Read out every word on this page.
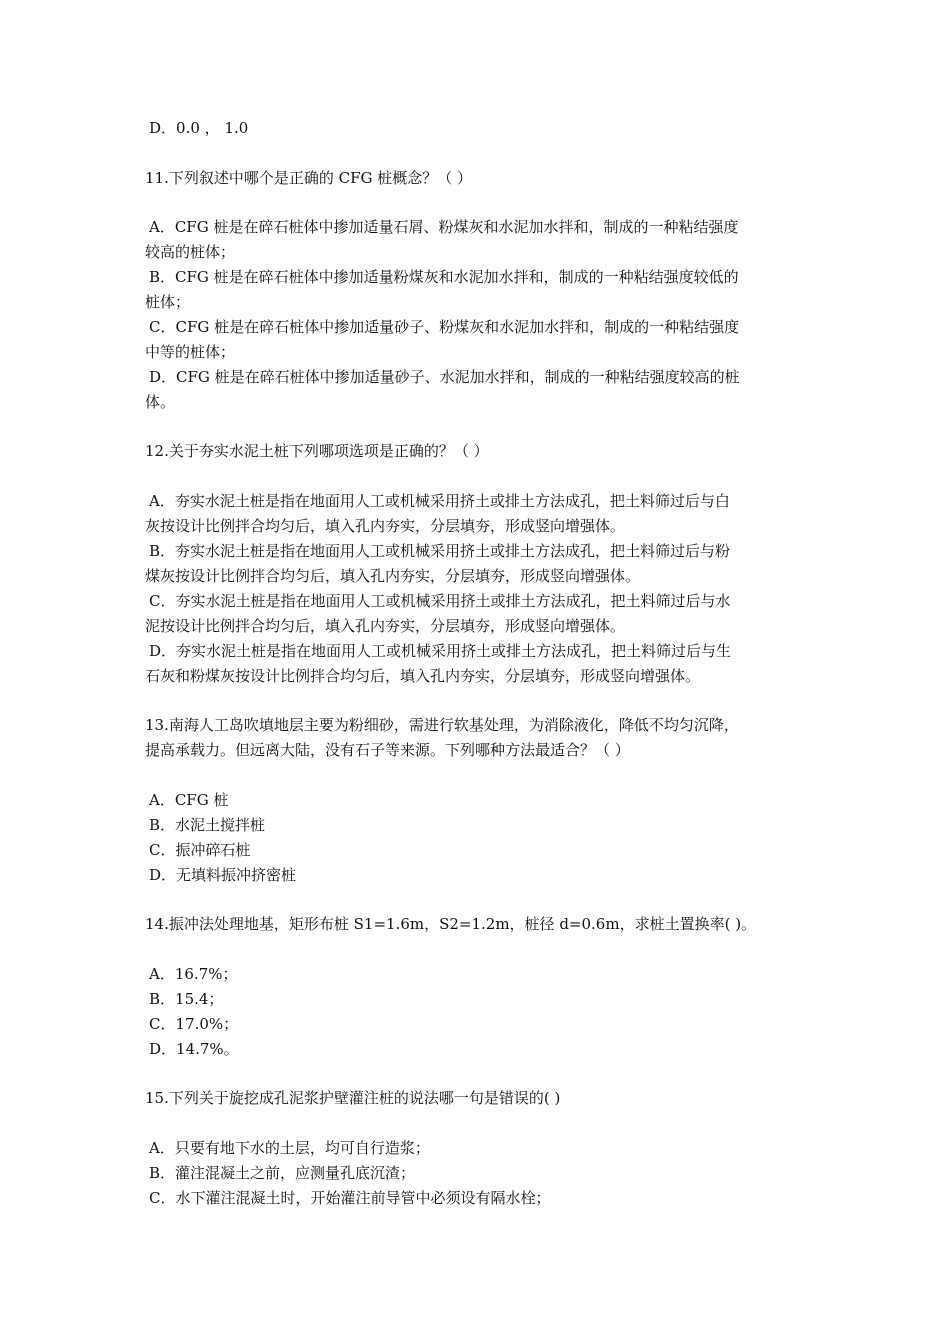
D．0.0 ， 1.0
11.下列叙述中哪个是正确的 CFG 桩概念？（ ）
A．CFG 桩是在碎石桩体中掺加适量石屑、粉煤灰和水泥加水拌和，制成的一种粘结强度
较高的桩体；
B．CFG 桩是在碎石桩体中掺加适量粉煤灰和水泥加水拌和，制成的一种粘结强度较低的
桩体；
C．CFG 桩是在碎石桩体中掺加适量砂子、粉煤灰和水泥加水拌和，制成的一种粘结强度
中等的桩体；
D．CFG 桩是在碎石桩体中掺加适量砂子、水泥加水拌和，制成的一种粘结强度较高的桩
体。
12.关于夯实水泥土桩下列哪项选项是正确的？（ ）
A．夯实水泥土桩是指在地面用人工或机械采用挤土或排土方法成孔，把土料筛过后与白
灰按设计比例拌合均匀后，填入孔内夯实，分层填夯，形成竖向增强体。
B．夯实水泥土桩是指在地面用人工或机械采用挤土或排土方法成孔，把土料筛过后与粉
煤灰按设计比例拌合均匀后，填入孔内夯实，分层填夯，形成竖向增强体。
C．夯实水泥土桩是指在地面用人工或机械采用挤土或排土方法成孔，把土料筛过后与水
泥按设计比例拌合均匀后，填入孔内夯实，分层填夯，形成竖向增强体。
D．夯实水泥土桩是指在地面用人工或机械采用挤土或排土方法成孔，把土料筛过后与生
石灰和粉煤灰按设计比例拌合均匀后，填入孔内夯实，分层填夯，形成竖向增强体。
13.南海人工岛吹填地层主要为粉细砂，需进行软基处理，为消除液化，降低不均匀沉降，
提高承载力。但远离大陆，没有石子等来源。下列哪种方法最适合？（ ）
A．CFG 桩
B．水泥土搅拌桩
C．振冲碎石桩
D．无填料振冲挤密桩
14.振冲法处理地基，矩形布桩 S1=1.6m，S2=1.2m，桩径 d=0.6m，求桩土置换率( )。
A．16.7%；
B．15.4；
C．17.0%；
D．14.7%。
15.下列关于旋挖成孔泥浆护壁灌注桩的说法哪一句是错误的( )
A．只要有地下水的土层，均可自行造浆；
B．灌注混凝土之前，应测量孔底沉渣；
C．水下灌注混凝土时，开始灌注前导管中必须设有隔水栓；
